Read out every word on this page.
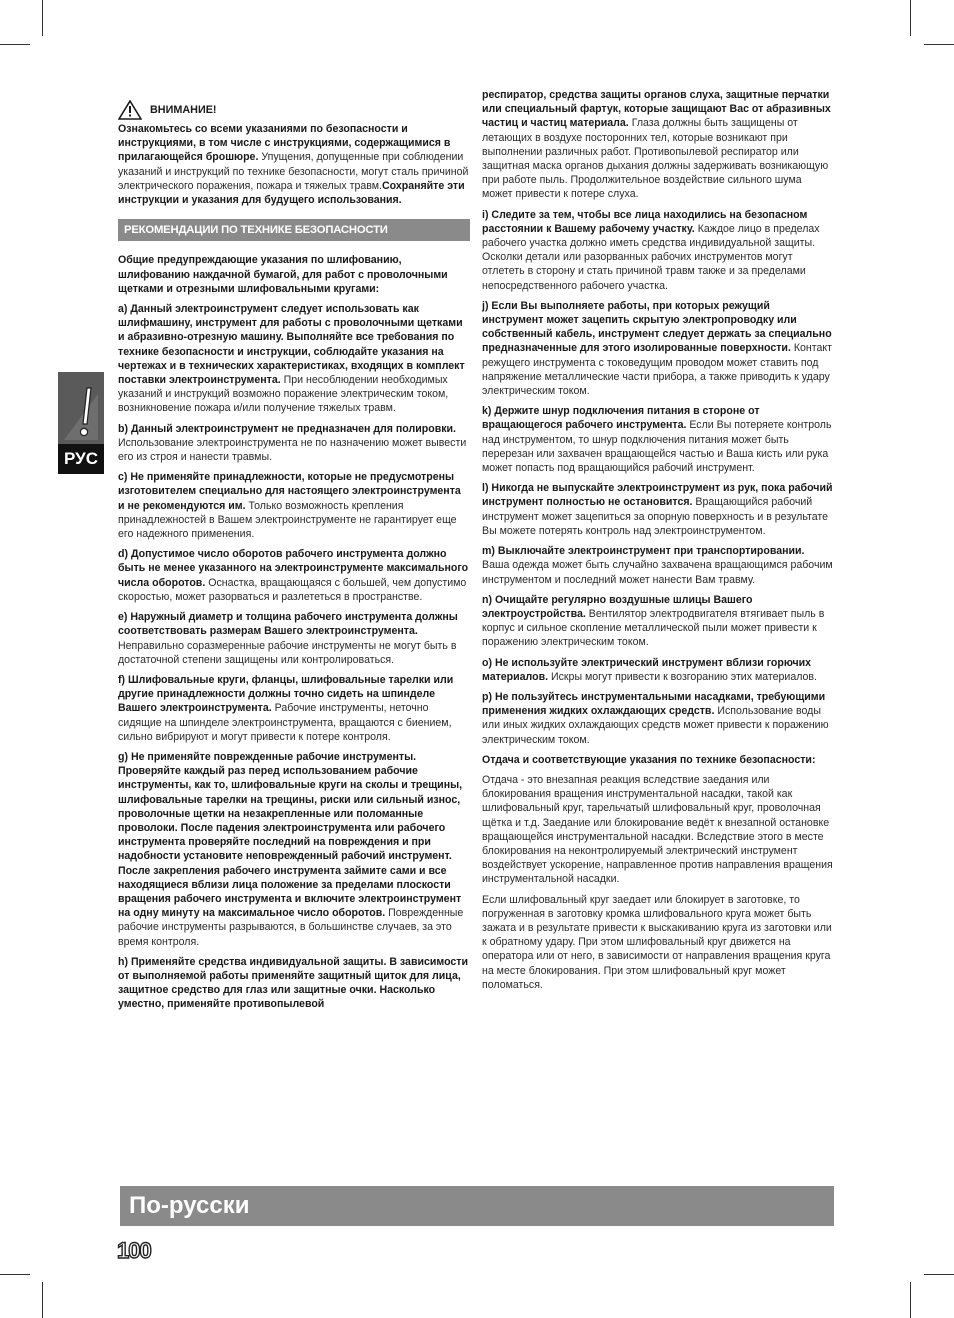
РУС
ВНИМАНИЕ!

Ознакомьтесь со всеми указаниями по безопасности и инструкциями, в том числе с инструкциями, содержащимися в прилагающейся брошюре. Упущения, допущенные при соблюдении указаний и инструкций по технике безопасности, могут сталь причиной электрического поражения, пожара и тяжелых травм.Сохраняйте эти инструкции и указания для будущего использования.

РЕКОМЕНДАЦИИ ПО ТЕХНИКЕ БЕЗОПАСНОСТИ

Общие предупреждающие указания по шлифованию, шлифованию наждачной бумагой, для работ с проволочными щетками и отрезными шлифовальными кругами:

a) Данный электроинструмент следует использовать как шлифмашину, инструмент для работы с проволочными щетками и абразивно-отрезную машину. Выполняйте все требования по технике безопасности и инструкции, соблюдайте указания на чертежах и в технических характеристиках, входящих в комплект поставки электроинструмента. При несоблюдении необходимых указаний и инструкций возможно поражение электрическим током, возникновение пожара и/или получение тяжелых травм.

b) Данный электроинструмент не предназначен для полировки. Использование электроинструмента не по назначению может вывести его из строя и нанести травмы.

c) Не применяйте принадлежности, которые не предусмотрены изготовителем специально для настоящего электроинструмента и не рекомендуются им. Только возможность крепления принадлежностей в Вашем электроинструменте не гарантирует еще его надежного применения.

d) Допустимое число оборотов рабочего инструмента должно быть не менее указанного на электроинструменте максимального числа оборотов. Оснастка, вращающаяся с большей, чем допустимо скоростью, может разорваться и разлететься в пространстве.

e) Наружный диаметр и толщина рабочего инструмента должны соответствовать размерам Вашего электроинструмента. Неправильно соразмеренные рабочие инструменты не могут быть в достаточной степени защищены или контролироваться.

f) Шлифовальные круги, фланцы, шлифовальные тарелки или другие принадлежности должны точно сидеть на шпинделе Вашего электроинструмента. Рабочие инструменты, неточно сидящие на шпинделе электроинструмента, вращаются с биением, сильно вибрируют и могут привести к потере контроля.

g) Не применяйте поврежденные рабочие инструменты. Проверяйте каждый раз перед использованием рабочие инструменты, как то, шлифовальные круги на сколы и трещины, шлифовальные тарелки на трещины, риски или сильный износ, проволочные щетки на незакрепленные или поломанные проволоки. После падения электроинструмента или рабочего инструмента проверяйте последний на повреждения и при надобности установите неповрежденный рабочий инструмент. После закрепления рабочего инструмента займите сами и все находящиеся вблизи лица положение за пределами плоскости вращения рабочего инструмента и включите электроинструмент на одну минуту на максимальное число оборотов. Поврежденные рабочие инструменты разрываются, в большинстве случаев, за это время контроля.

h) Применяйте средства индивидуальной защиты. В зависимости от выполняемой работы применяйте защитный щиток для лица, защитное средство для глаз или защитные очки. Насколько уместно, применяйте противопылевой

респиратор, средства защиты органов слуха, защитные перчатки или специальный фартук, которые защищают Вас от абразивных частиц и частиц материала. Глаза должны быть защищены от летающих в воздухе посторонних тел, которые возникают при выполнении различных работ. Противопылевой респиратор или защитная маска органов дыхания должны задерживать возникающую при работе пыль. Продолжительное воздействие сильного шума может привести к потере слуха.

i) Следите за тем, чтобы все лица находились на безопасном расстоянии к Вашему рабочему участку. Каждое лицо в пределах рабочего участка должно иметь средства индивидуальной защиты. Осколки детали или разорванных рабочих инструментов могут отлететь в сторону и стать причиной травм также и за пределами непосредственного рабочего участка.

j) Если Вы выполняете работы, при которых режущий инструмент может зацепить скрытую электропроводку или собственный кабель, инструмент следует держать за специально предназначенные для этого изолированные поверхности. Контакт режущего инструмента с токоведущим проводом может ставить под напряжение металлические части прибора, а также приводить к удару электрическим током.

k) Держите шнур подключения питания в стороне от вращающегося рабочего инструмента. Если Вы потеряете контроль над инструментом, то шнур подключения питания может быть перерезан или захвачен вращающейся частью и Ваша кисть или рука может попасть под вращающийся рабочий инструмент.

l) Никогда не выпускайте электроинструмент из рук, пока рабочий инструмент полностью не остановится. Вращающийся рабочий инструмент может зацепиться за опорную поверхность и в результате Вы можете потерять контроль над электроинструментом.

m) Выключайте электроинструмент при транспортировании. Ваша одежда может быть случайно захвачена вращающимся рабочим инструментом и последний может нанести Вам травму.

n) Очищайте регулярно воздушные шлицы Вашего электроустройства. Вентилятор электродвигателя втягивает пыль в корпус и сильное скопление металлической пыли может привести к поражению электрическим током.

o) Не используйте электрический инструмент вблизи горючих материалов. Искры могут привести к возгоранию этих материалов.

p) Не пользуйтесь инструментальными насадками, требующими применения жидких охлаждающих средств. Использование воды или иных жидких охлаждающих средств может привести к поражению электрическим током.

Отдача и соответствующие указания по технике безопасности:

Отдача - это внезапная реакция вследствие заедания или блокирования вращения инструментальной насадки, такой как шлифовальный круг, тарельчатый шлифовальный круг, проволочная щётка и т.д. Заедание или блокирование ведёт к внезапной остановке вращающейся инструментальной насадки. Вследствие этого в месте блокирования на неконтролируемый электрический инструмент воздействует ускорение, направленное против направления вращения инструментальной насадки.

Если шлифовальный круг заедает или блокирует в заготовке, то погруженная в заготовку кромка шлифовального круга может быть зажата и в результате привести к выскакиванию круга из заготовки или к обратному удару. При этом шлифовальный круг движется на оператора или от него, в зависимости от направления вращения круга на месте блокирования. При этом шлифовальный круг может поломаться.

По-русски
100
